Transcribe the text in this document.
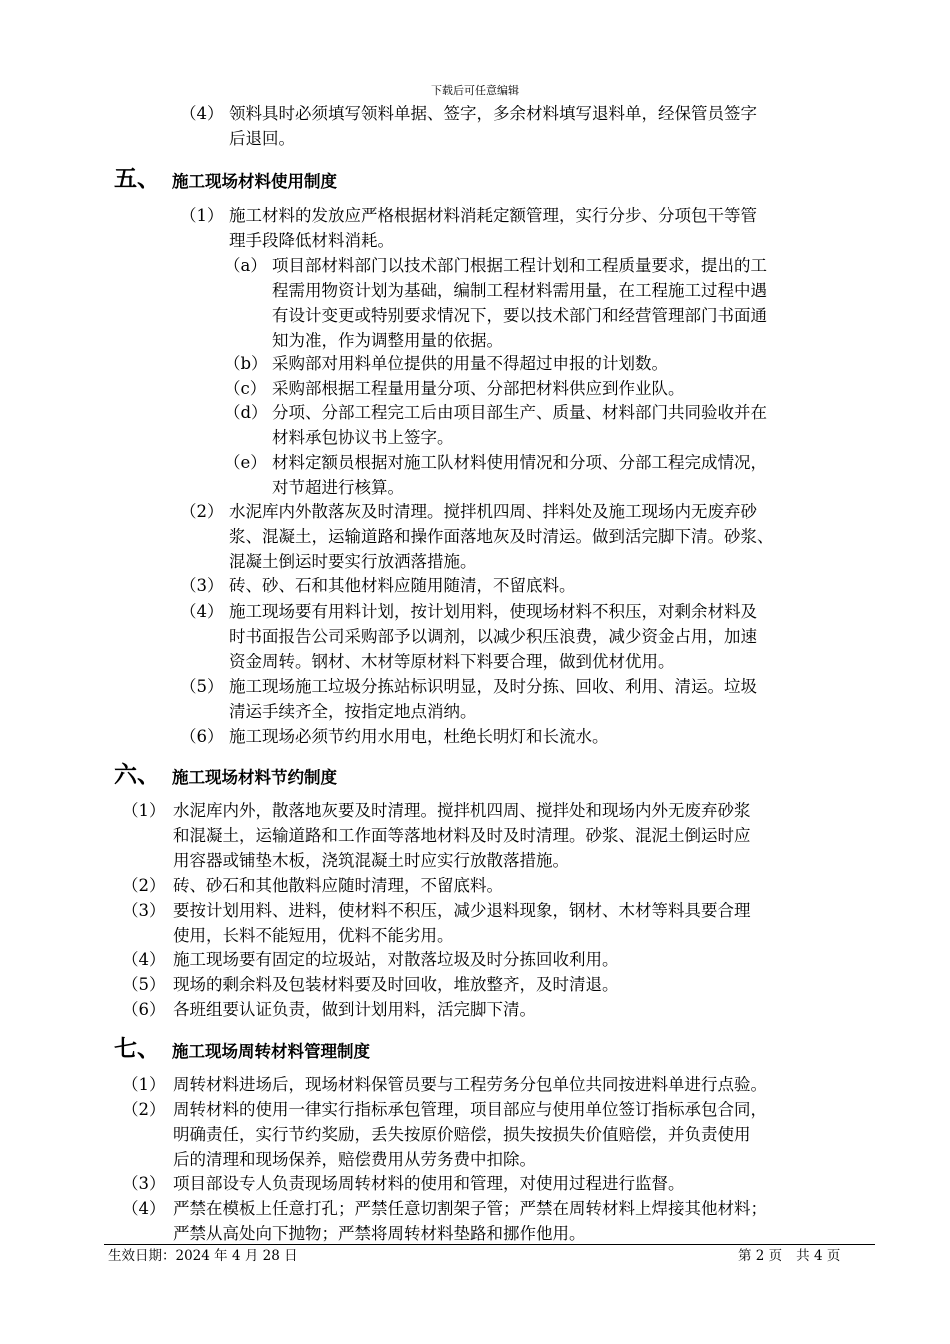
下载后可任意编辑
（4） 领料具时必须填写领料单据、签字，多余材料填写退料单，经保管员签字
后退回。
五、 施工现场材料使用制度
（1） 施工材料的发放应严格根据材料消耗定额管理，实行分步、分项包干等管
理手段降低材料消耗。
（a） 项目部材料部门以技术部门根据工程计划和工程质量要求，提出的工
程需用物资计划为基础，编制工程材料需用量，在工程施工过程中遇
有设计变更或特别要求情况下，要以技术部门和经营管理部门书面通
知为准，作为调整用量的依据。
（b） 采购部对用料单位提供的用量不得超过申报的计划数。
（c） 采购部根据工程量用量分项、分部把材料供应到作业队。
（d） 分项、分部工程完工后由项目部生产、质量、材料部门共同验收并在
材料承包协议书上签字。
（e） 材料定额员根据对施工队材料使用情况和分项、分部工程完成情况，
对节超进行核算。
（2） 水泥库内外散落灰及时清理。搅拌机四周、拌料处及施工现场内无废弃砂
浆、混凝土，运输道路和操作面落地灰及时清运。做到活完脚下清。砂浆、
混凝土倒运时要实行放洒落措施。
（3） 砖、砂、石和其他材料应随用随清，不留底料。
（4） 施工现场要有用料计划，按计划用料，使现场材料不积压，对剩余材料及
时书面报告公司采购部予以调剂，以减少积压浪费，减少资金占用，加速
资金周转。钢材、木材等原材料下料要合理，做到优材优用。
（5） 施工现场施工垃圾分拣站标识明显，及时分拣、回收、利用、清运。垃圾
清运手续齐全，按指定地点消纳。
（6） 施工现场必须节约用水用电，杜绝长明灯和长流水。
六、 施工现场材料节约制度
（1） 水泥库内外，散落地灰要及时清理。搅拌机四周、搅拌处和现场内外无废弃砂浆
和混凝土，运输道路和工作面等落地材料及时及时清理。砂浆、混泥土倒运时应
用容器或铺垫木板，浇筑混凝土时应实行放散落措施。
（2） 砖、砂石和其他散料应随时清理，不留底料。
（3） 要按计划用料、进料，使材料不积压，减少退料现象，钢材、木材等料具要合理
使用，长料不能短用，优料不能劣用。
（4） 施工现场要有固定的垃圾站，对散落垃圾及时分拣回收利用。
（5） 现场的剩余料及包装材料要及时回收，堆放整齐，及时清退。
（6） 各班组要认证负责，做到计划用料，活完脚下清。
七、 施工现场周转材料管理制度
（1） 周转材料进场后，现场材料保管员要与工程劳务分包单位共同按进料单进行点验。
（2） 周转材料的使用一律实行指标承包管理，项目部应与使用单位签订指标承包合同，
明确责任，实行节约奖励，丢失按原价赔偿，损失按损失价值赔偿，并负责使用
后的清理和现场保养，赔偿费用从劳务费中扣除。
（3） 项目部设专人负责现场周转材料的使用和管理，对使用过程进行监督。
（4） 严禁在模板上任意打孔；严禁任意切割架子管；严禁在周转材料上焊接其他材料；
严禁从高处向下抛物；严禁将周转材料垫路和挪作他用。
生效日期：2024 年 4 月 28 日	第 2 页 共 4 页
